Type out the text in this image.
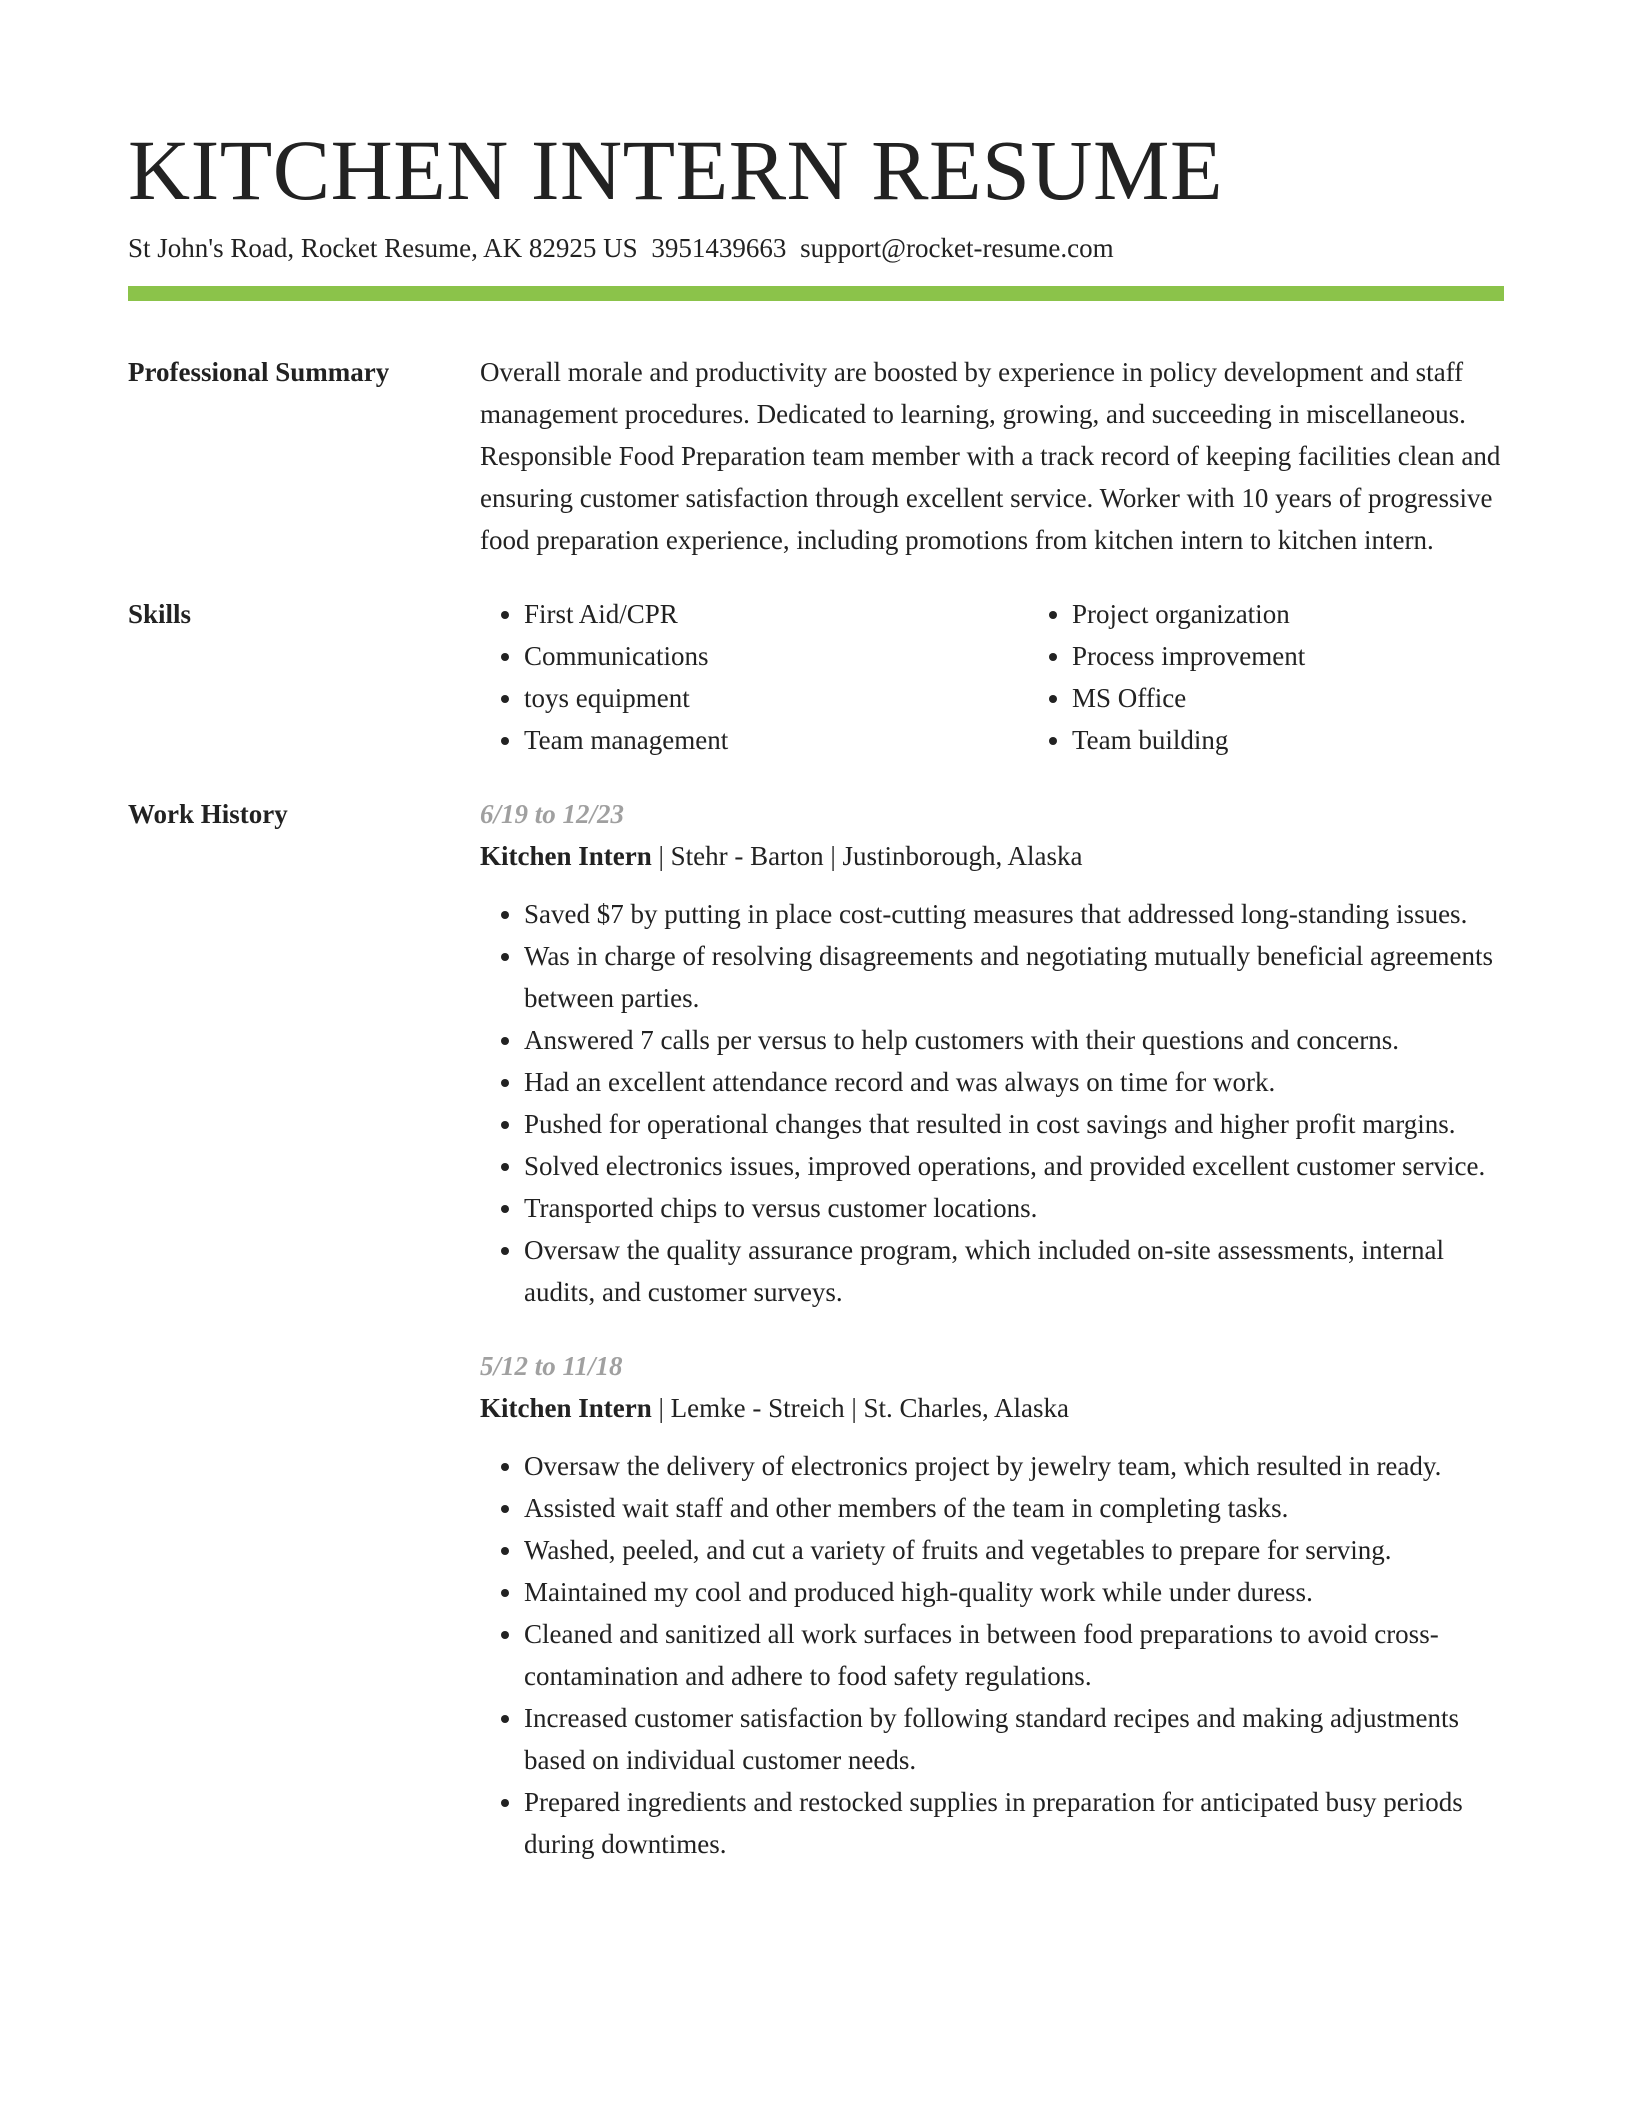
KITCHEN INTERN RESUME
St John's Road, Rocket Resume, AK 82925 US 3951439663 support@rocket-resume.com
Professional Summary	Overall morale and productivity are boosted by experience in policy development and staff management procedures. Dedicated to learning, growing, and succeeding in miscellaneous. Responsible Food Preparation team member with a track record of keeping facilities clean and ensuring customer satisfaction through excellent service. Worker with 10 years of progressive food preparation experience, including promotions from kitchen intern to kitchen intern.

Skills
•	First Aid/CPR
• Communications
• toys equipment
• Team management
• Project organization
• Process improvement
• MS Office
• Team building
Work History	6/19 to 12/23
Kitchen Intern | Stehr - Barton | Justinborough, Alaska
• Saved $7 by putting in place cost-cutting measures that addressed long-standing issues.
• Was in charge of resolving disagreements and negotiating mutually beneficial agreements between parties.
• Answered 7 calls per versus to help customers with their questions and concerns.
• Had an excellent attendance record and was always on time for work.
• Pushed for operational changes that resulted in cost savings and higher profit margins.
• Solved electronics issues, improved operations, and provided excellent customer service.
• Transported chips to versus customer locations.
• Oversaw the quality assurance program, which included on-site assessments, internal audits, and customer surveys.
5/12 to 11/18
Kitchen Intern | Lemke - Streich | St. Charles, Alaska
• Oversaw the delivery of electronics project by jewelry team, which resulted in ready.
• Assisted wait staff and other members of the team in completing tasks.
• Washed, peeled, and cut a variety of fruits and vegetables to prepare for serving.
• Maintained my cool and produced high-quality work while under duress.
• Cleaned and sanitized all work surfaces in between food preparations to avoid cross-contamination and adhere to food safety regulations.
• Increased customer satisfaction by following standard recipes and making adjustments based on individual customer needs.
• Prepared ingredients and restocked supplies in preparation for anticipated busy periods during downtimes.
